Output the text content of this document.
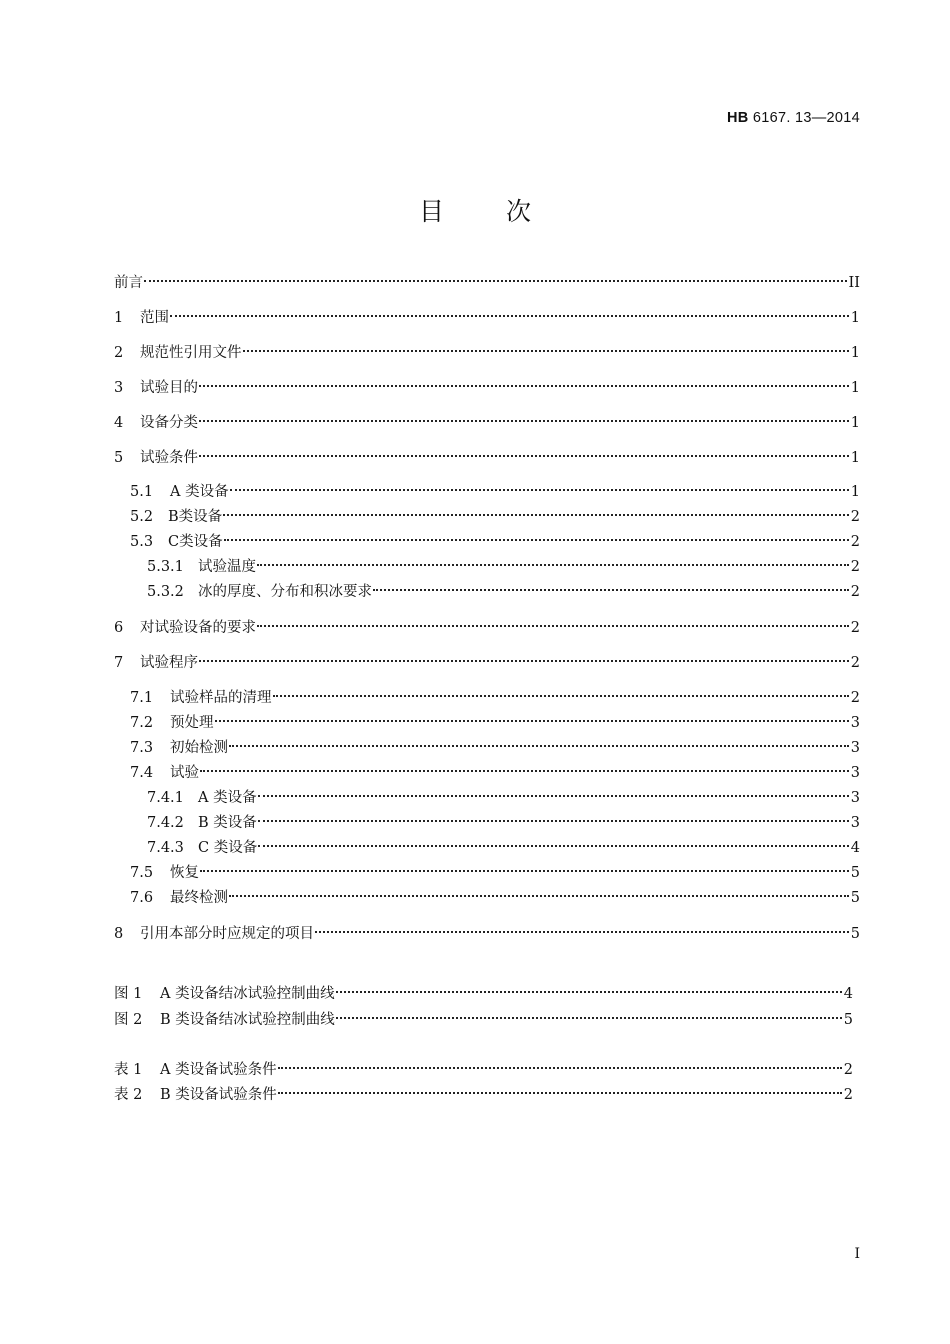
HB 6167. 13—2014
目 次
前言	II
1	范围	1
2	规范性引用文件	1
3	试验目的	1
4	设备分类	1
5	试验条件	1
5.1	A 类设备	1
5.2	B类设备	2
5.3	C类设备	2
5.3.1 试验温度	2
5.3.2 冰的厚度、分布和积冰要求	2
6	对试验设备的要求	2
7	试验程序	2
7.1	试验样品的清理	2
7.2	预处理	3
7.3	初始检测	3
7.4	试验	3
7.4.1 A 类设备	3
7.4.2 B 类设备	3
7.4.3 C 类设备	4
7.5	恢复	5
7.6	最终检测	5
8	引用本部分时应规定的项目	5
图 1	A 类设备结冰试验控制曲线	4
图 2	B 类设备结冰试验控制曲线	5
表 1	A 类设备试验条件	2
表 2	B 类设备试验条件	2
I
